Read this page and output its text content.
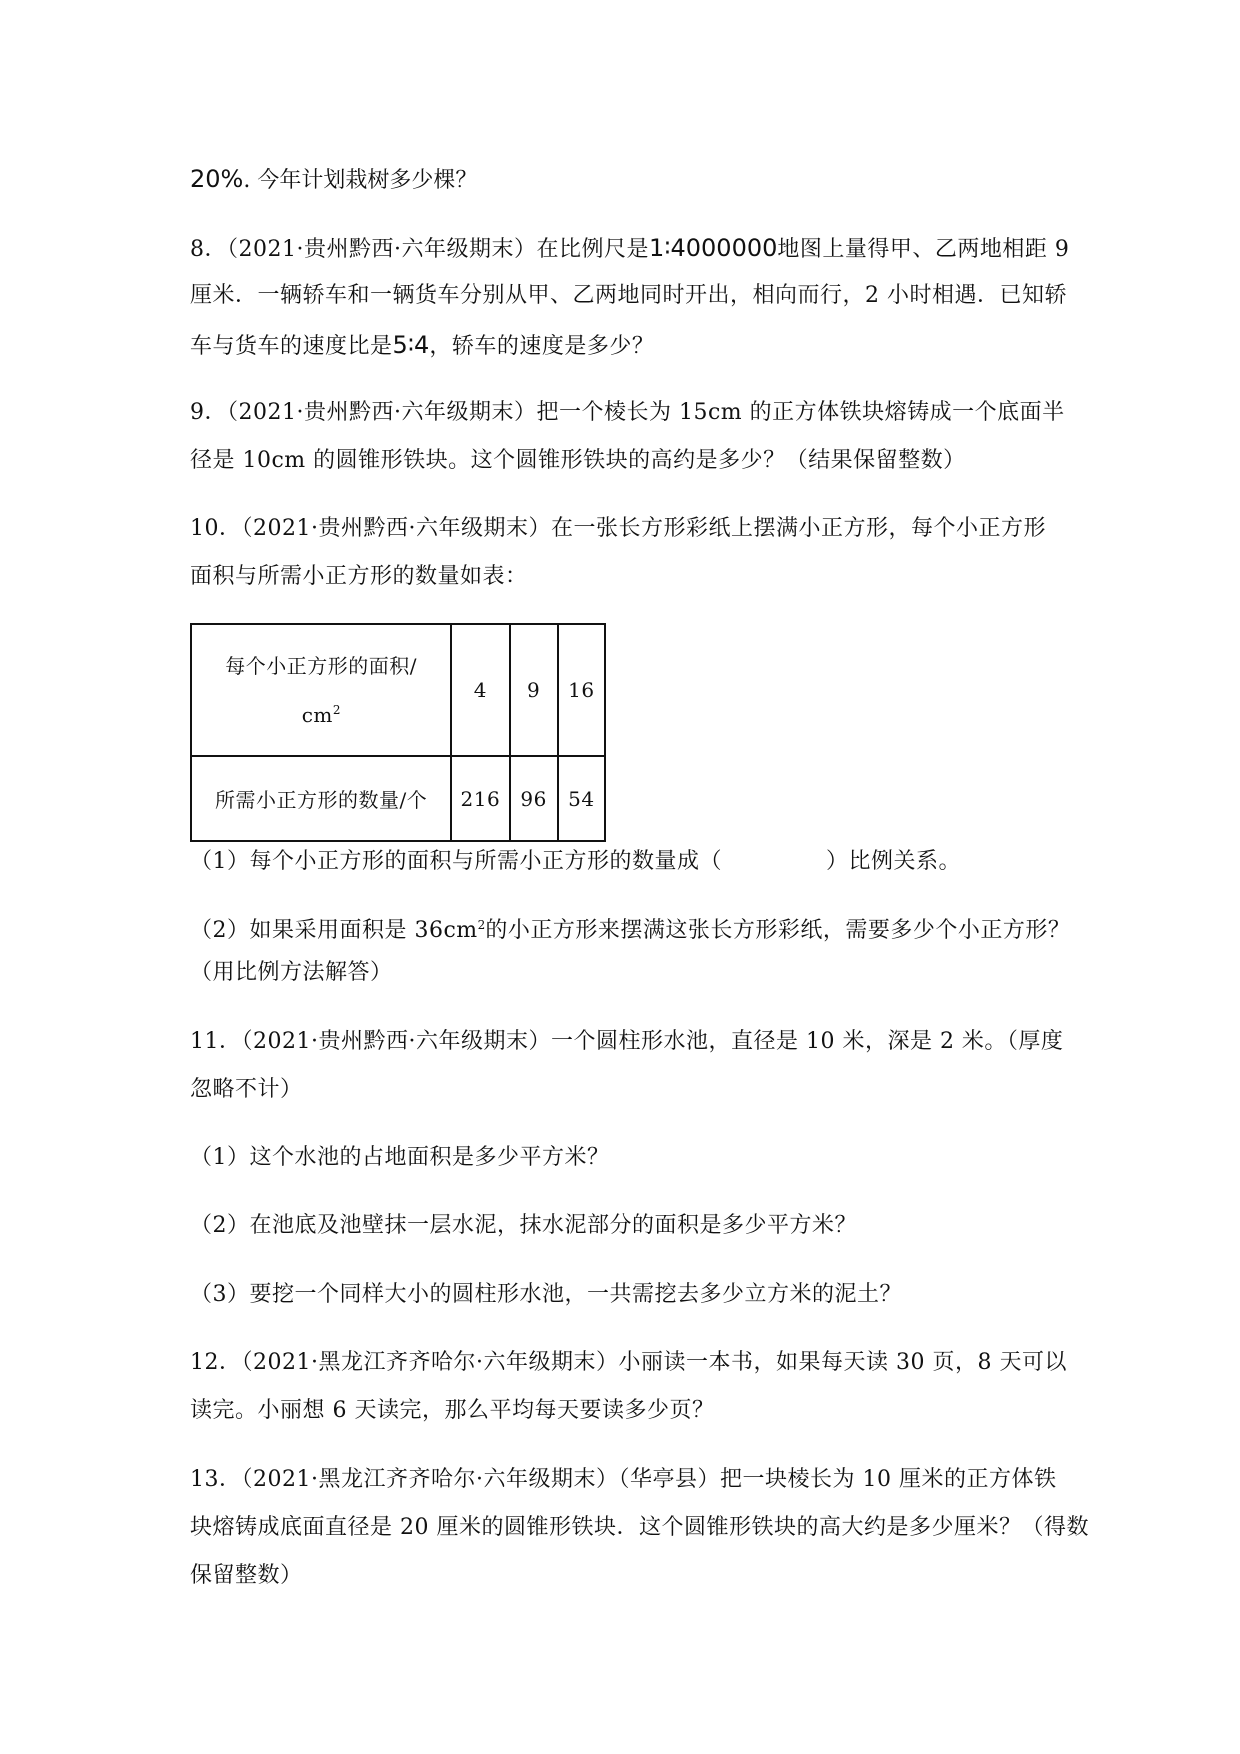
20%. 今年计划栽树多少棵？

8．（2021·贵州黔西·六年级期末）在比例尺是1∶4000000地图上量得甲、乙两地相距 9

厘米．一辆轿车和一辆货车分别从甲、乙两地同时开出，相向而行，2 小时相遇．已知轿

车与货车的速度比是5∶4，轿车的速度是多少？

9．（2021·贵州黔西·六年级期末）把一个棱长为 15cm 的正方体铁块熔铸成一个底面半

径是 10cm 的圆锥形铁块。这个圆锥形铁块的高约是多少？（结果保留整数）

10．（2021·贵州黔西·六年级期末）在一张长方形彩纸上摆满小正方形，每个小正方形

面积与所需小正方形的数量如表：

每个小正方形的面积/
$cm^2$	4	9	16
所需小正方形的数量/个	216	96	54

（1）每个小正方形的面积与所需小正方形的数量成（	）比例关系。

（2）如果采用面积是 $36cm^2$的小正方形来摆满这张长方形彩纸，需要多少个小正方形？

（用比例方法解答）

11．（2021·贵州黔西·六年级期末）一个圆柱形水池，直径是 10 米，深是 2 米。（厚度

忽略不计）

（1）这个水池的占地面积是多少平方米？

（2）在池底及池壁抹一层水泥，抹水泥部分的面积是多少平方米？

（3）要挖一个同样大小的圆柱形水池，一共需挖去多少立方米的泥土？

12．（2021·黑龙江齐齐哈尔·六年级期末）小丽读一本书，如果每天读 30 页，8 天可以

读完。小丽想 6 天读完，那么平均每天要读多少页？

13．（2021·黑龙江齐齐哈尔·六年级期末）（华亭县）把一块棱长为 10 厘米的正方体铁

块熔铸成底面直径是 20 厘米的圆锥形铁块．这个圆锥形铁块的高大约是多少厘米？（得数

保留整数）
